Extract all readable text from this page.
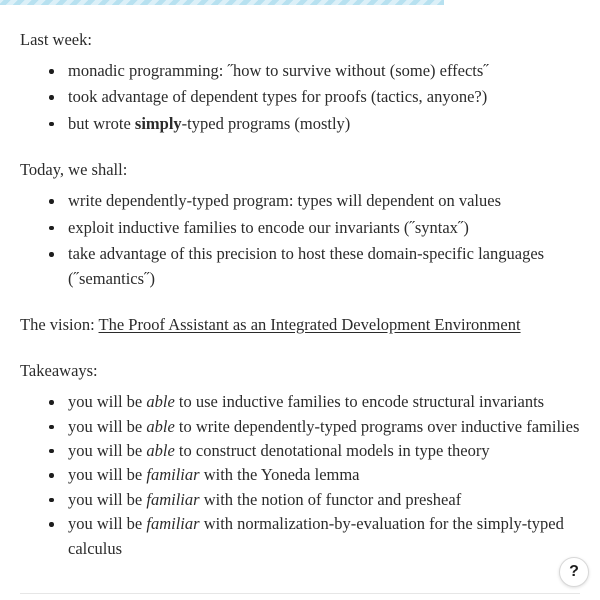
Last week:

monadic programming: ˝how to survive without (some) effects˝
took advantage of dependent types for proofs (tactics, anyone?)
but wrote simply-typed programs (mostly)

Today, we shall:

write dependently-typed program: types will dependent on values
exploit inductive families to encode our invariants (˝syntax˝)
take advantage of this precision to host these domain-specific languages (˝semantics˝)

The vision: The Proof Assistant as an Integrated Development Environment

Takeaways:

you will be able to use inductive families to encode structural invariants
you will be able to write dependently-typed programs over inductive families
you will be able to construct denotational models in type theory
you will be familiar with the Yoneda lemma
you will be familiar with the notion of functor and presheaf
you will be familiar with normalization-by-evaluation for the simply-typed calculus
?
